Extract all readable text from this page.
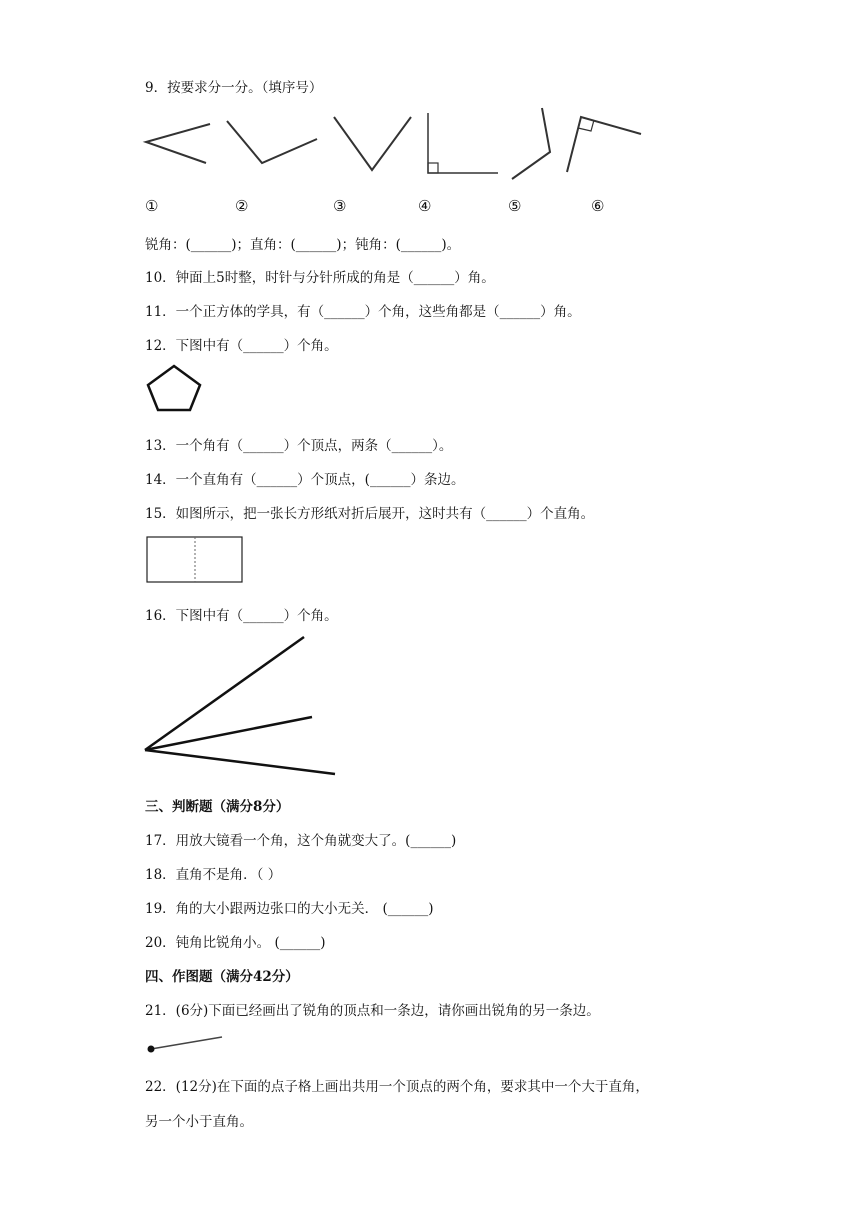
9．按要求分一分。（填序号）
①	②	③	④	⑤	⑥
锐角：(______)；直角：(______)；钝角：(______)。
10．钟面上5时整，时针与分针所成的角是（______）角。
11．一个正方体的学具，有（______）个角，这些角都是（______）角。
12．下图中有（______）个角。
13．一个角有（______）个顶点，两条（______）。
14．一个直角有（______）个顶点，(______）条边。
15．如图所示，把一张长方形纸对折后展开，这时共有（______）个直角。
16．下图中有（______）个角。
三、判断题（满分8分）
17．用放大镜看一个角，这个角就变大了。(______)
18．直角不是角．（ ）
19．角的大小跟两边张口的大小无关． (______)
20．钝角比锐角小。 (______)
四、作图题（满分42分）
21．(6分)下面已经画出了锐角的顶点和一条边，请你画出锐角的另一条边。
22．(12分)在下面的点子格上画出共用一个顶点的两个角，要求其中一个大于直角，
另一个小于直角。
